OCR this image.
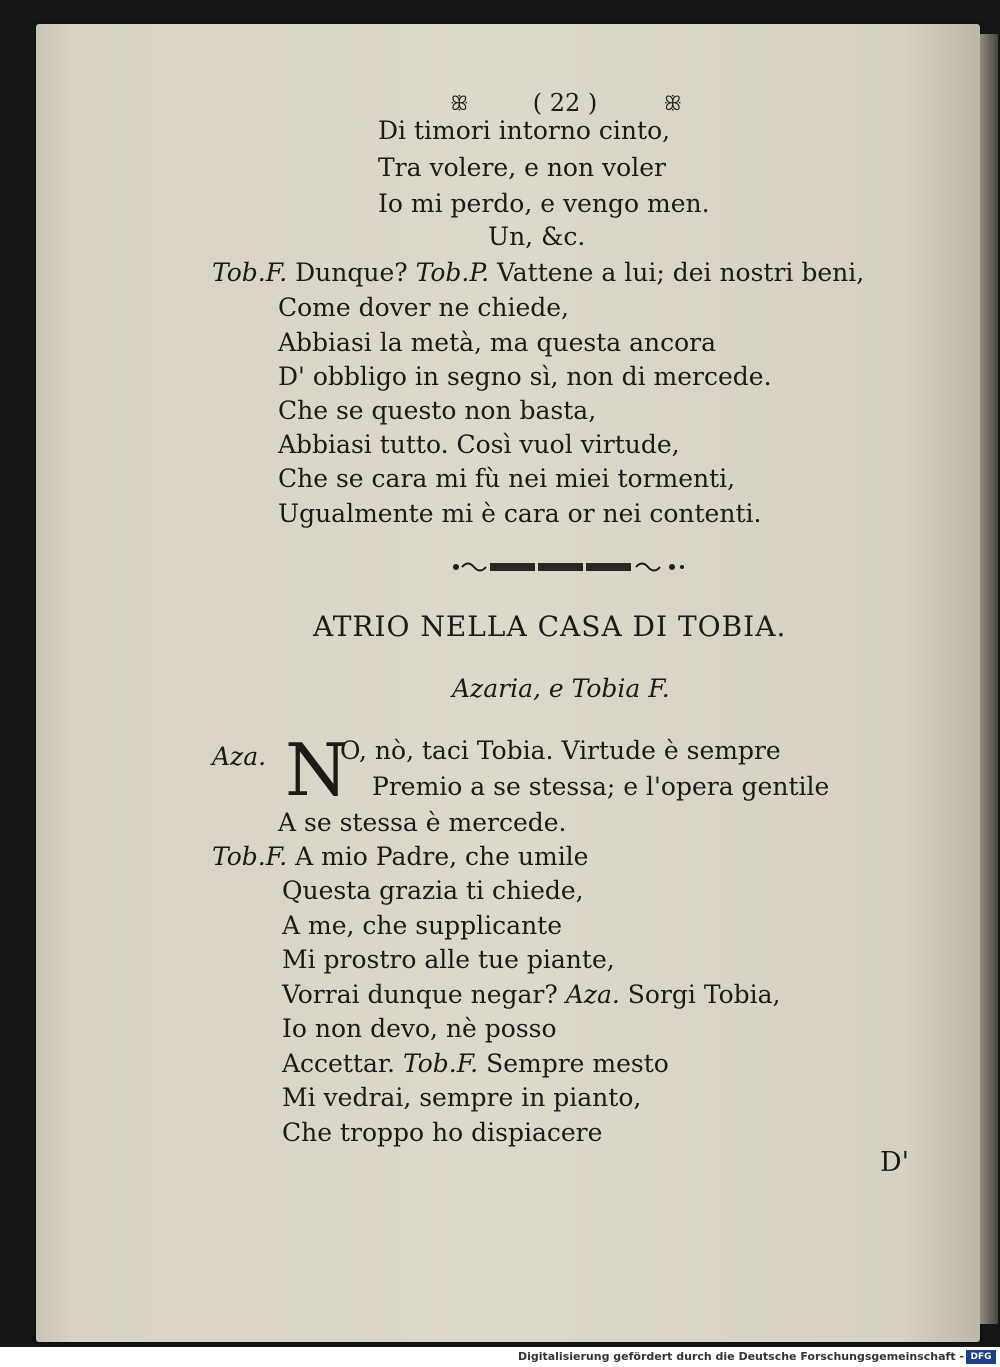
ꕥ	( 22 )	ꕥ
Di timori intorno cinto,
Tra volere, e non voler
Io mi perdo, e vengo men.
Un, &c.
Tob.F. Dunque? Tob.P. Vattene a lui; dei nostri beni,
Come dover ne chiede,
Abbiasi la metà, ma questa ancora
D' obbligo in segno sì, non di mercede.
Che se questo non basta,
Abbiasi tutto. Così vuol virtude,
Che se cara mi fù nei miei tormenti,
Ugualmente mi è cara or nei contenti.
ATRIO NELLA CASA DI TOBIA.
Azaria, e Tobia F.
Aza. N
O, nò, taci Tobia. Virtude è sempre
Premio a se stessa; e l'opera gentile
A se stessa è mercede.
Tob.F. A mio Padre, che umile
Questa grazia ti chiede,
A me, che supplicante
Mi prostro alle tue piante,
Vorrai dunque negar? Aza. Sorgi Tobia,
Io non devo, nè posso
Accettar. Tob.F. Sempre mesto
Mi vedrai, sempre in pianto,
Che troppo ho dispiacere
D'
Digitalisierung gefördert durch die Deutsche Forschungsgemeinschaft - DFG
